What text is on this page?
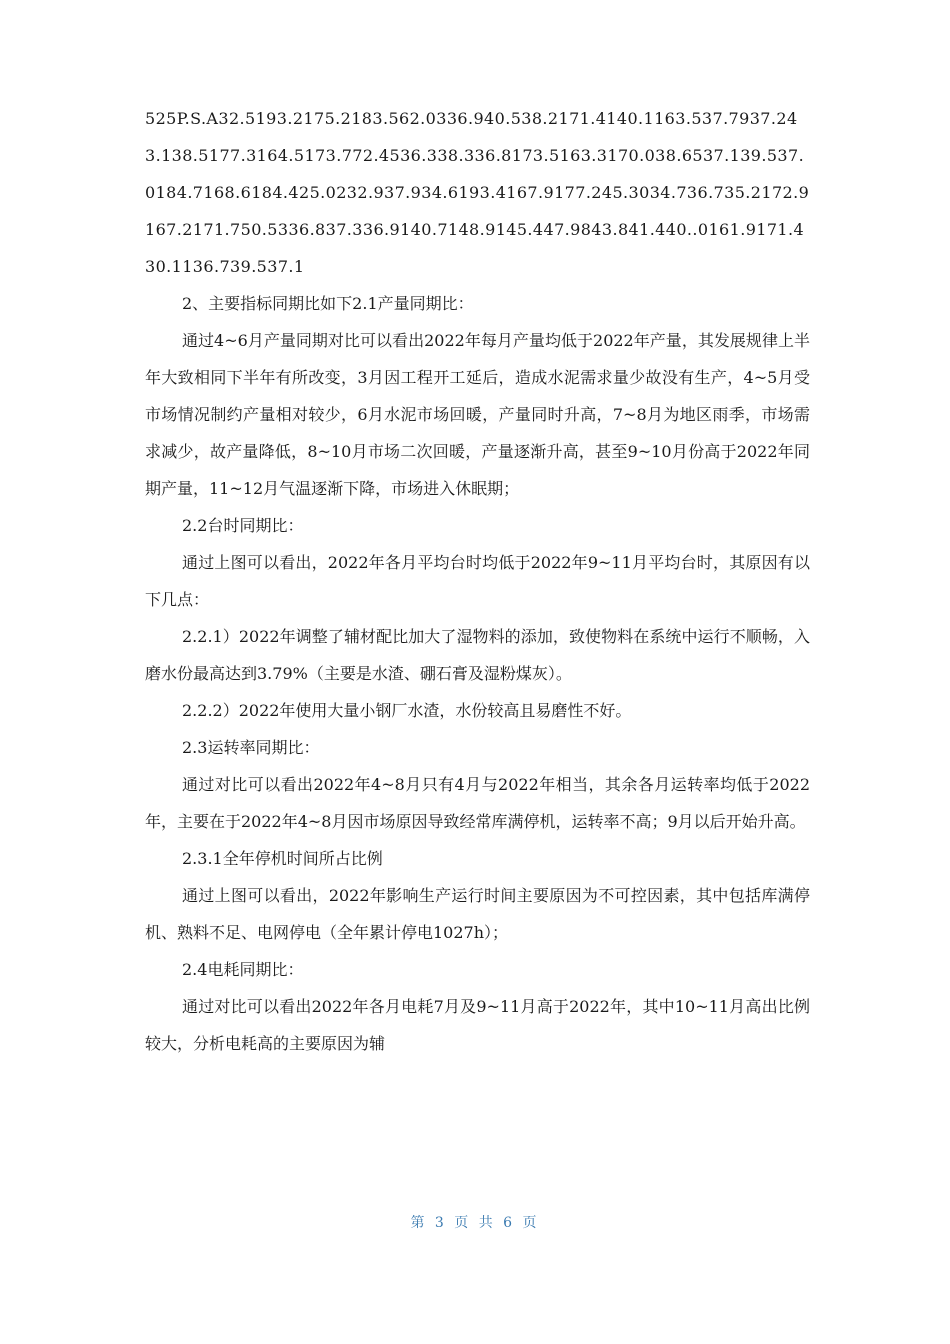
525P.S.A32.5193.2175.2183.562.0336.940.538.2171.4140.1163.537.7937.243.138.5177.3164.5173.772.4536.338.336.8173.5163.3170.038.6537.139.537.0184.7168.6184.425.0232.937.934.6193.4167.9177.245.3034.736.735.2172.9167.2171.750.5336.837.336.9140.7148.9145.447.9843.841.440..0161.9171.430.1136.739.537.1

2、主要指标同期比如下2.1产量同期比：

通过4~6月产量同期对比可以看出2022年每月产量均低于2022年产量，其发展规律上半年大致相同下半年有所改变，3月因工程开工延后，造成水泥需求量少故没有生产，4~5月受市场情况制约产量相对较少，6月水泥市场回暖，产量同时升高，7~8月为地区雨季，市场需求减少，故产量降低，8~10月市场二次回暖，产量逐渐升高，甚至9~10月份高于2022年同期产量，11~12月气温逐渐下降，市场进入休眠期；

2.2台时同期比：

通过上图可以看出，2022年各月平均台时均低于2022年9~11月平均台时，其原因有以下几点：

2.2.1）2022年调整了辅材配比加大了湿物料的添加，致使物料在系统中运行不顺畅，入磨水份最高达到3.79%（主要是水渣、硼石膏及湿粉煤灰）。

2.2.2）2022年使用大量小钢厂水渣，水份较高且易磨性不好。

2.3运转率同期比：

通过对比可以看出2022年4~8月只有4月与2022年相当，其余各月运转率均低于2022年，主要在于2022年4~8月因市场原因导致经常库满停机，运转率不高；9月以后开始升高。

2.3.1全年停机时间所占比例

通过上图可以看出，2022年影响生产运行时间主要原因为不可控因素，其中包括库满停机、熟料不足、电网停电（全年累计停电1027h）；

2.4电耗同期比：

通过对比可以看出2022年各月电耗7月及9~11月高于2022年，其中10~11月高出比例较大，分析电耗高的主要原因为辅

第 3 页 共 6 页
